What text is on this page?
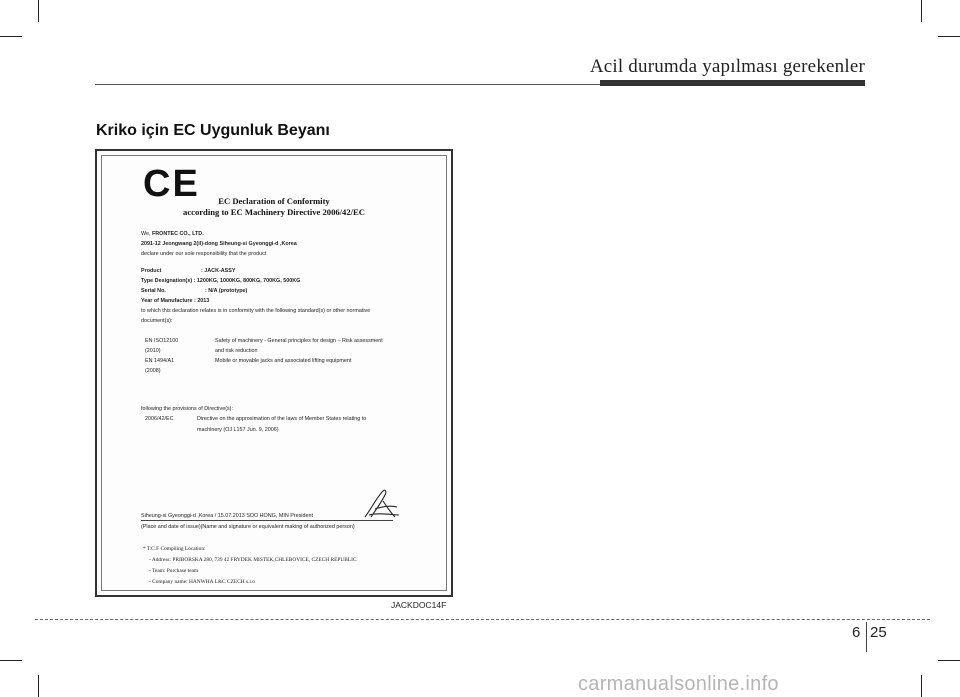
Acil durumda yapılması gerekenler
Kriko için EC Uygunluk Beyanı
CE	EC Declaration of Conformity
according to EC Machinery Directive 2006/42/EC
We, FRONTEC CO., LTD.
2091-12 Jeongwang 2(il)-dong Siheung-si Gyeonggi-d ,Korea
declare under our sole responsibility that the product
Product	: JACK-ASSY
Type Designation(s) : 1200KG, 1000KG, 800KG, 700KG, 500KG
Serial No.	: N/A (prototype)
Year of Manufacture : 2013
to which this declaration relates is in conformity with the following standard(s) or other normative
document(s):
EN ISO12100	Safety of machinery - General principles for design – Risk assessment
(2010)	and risk reduction
EN 1494/A1	Mobile or movable jacks and associated lifting equipment
(2008)
following the provisions of Directive(s):
2006/42/EC	Directive on the approximation of the laws of Member States relating to
machinery (OJ L157 Jun. 9, 2006)
Siheung-si Gyeonggi-d ,Korea / 15.07.2013 SOO HONG, MIN President
(Place and date of issue)(Name and signature or equivalent making of authorized person)
* T.C.F Compiling Location:
- Address: PRIBORSKA 280, 739 42 FRYDEK MISTEK,CHLEBOVICE, CZECH REPUBLIC
- Team: Purchase team
- Company name: HANWHA L&C CZECH s.r.o
JACKDOC14F
6 25
carmanualsonline.info
